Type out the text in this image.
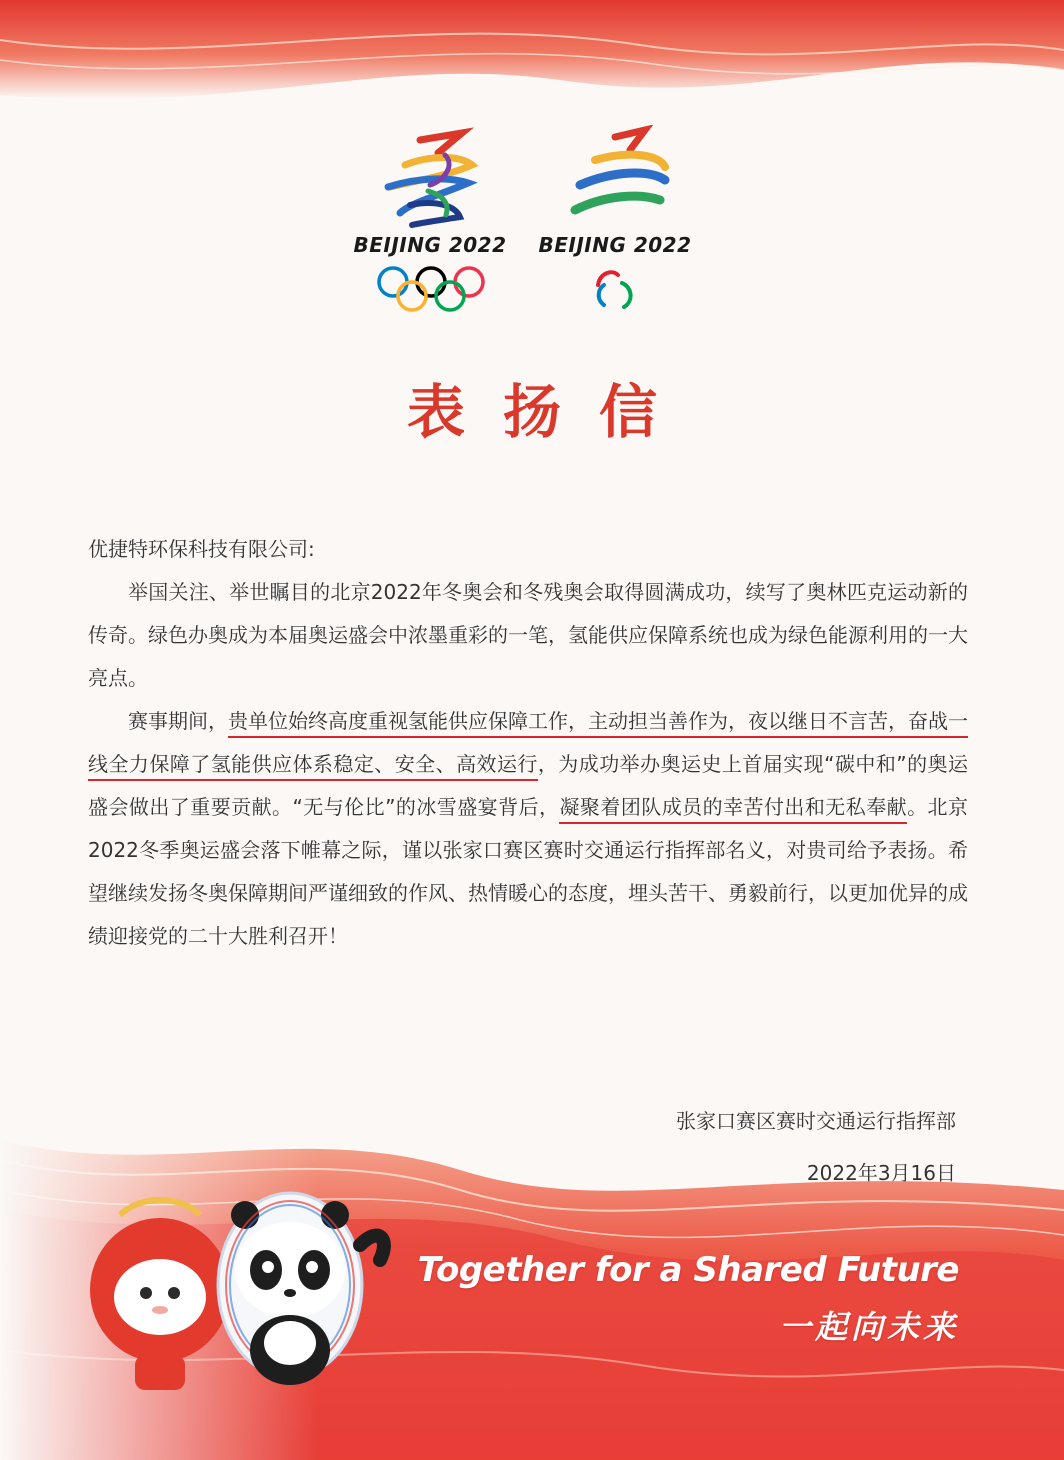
BEIJING 2022 BEIJING 2022
表扬信

优捷特环保科技有限公司:

举国关注、举世瞩目的北京2022年冬奥会和冬残奥会取得圆满成功，续写了奥林匹克运动新的传奇。绿色办奥成为本届奥运盛会中浓墨重彩的一笔，氢能供应保障系统也成为绿色能源利用的一大亮点。

赛事期间，贵单位始终高度重视氢能供应保障工作，主动担当善作为，夜以继日不言苦，奋战一线全力保障了氢能供应体系稳定、安全、高效运行，为成功举办奥运史上首届实现“碳中和”的奥运盛会做出了重要贡献。“无与伦比”的冰雪盛宴背后，凝聚着团队成员的幸苦付出和无私奉献。北京2022冬季奥运盛会落下帷幕之际，谨以张家口赛区赛时交通运行指挥部名义，对贵司给予表扬。希望继续发扬冬奥保障期间严谨细致的作风、热情暖心的态度，埋头苦干、勇毅前行，以更加优异的成绩迎接党的二十大胜利召开！

Together for a Shared Future
一起向未来
